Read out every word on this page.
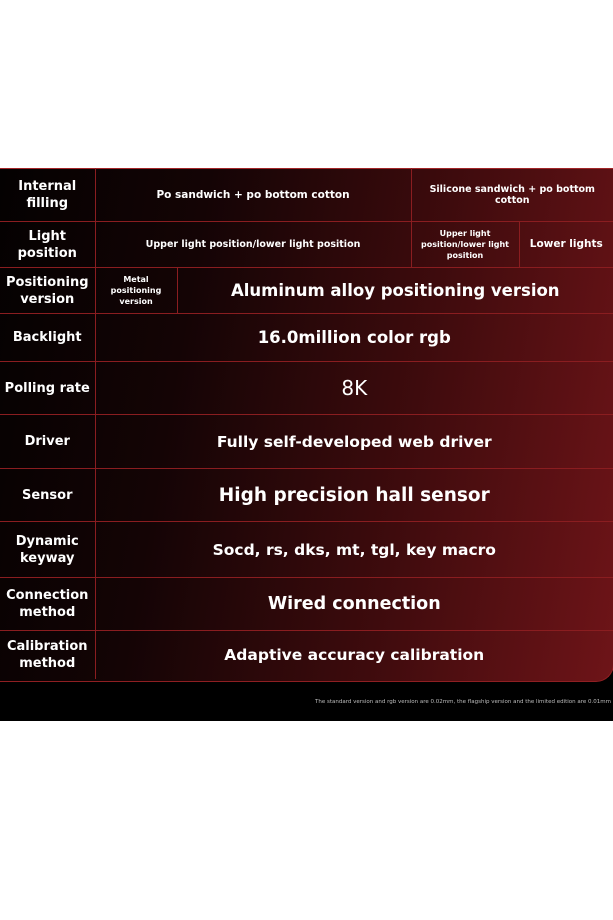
Internal filling	Po sandwich + po bottom cotton		Silicone sandwich + po bottom cotton	
Light position	Upper light position/lower light position		Upper light position/lower light position	Lower lights
Positioning version	Metal positioning version	Aluminum alloy positioning version		
Backlight	16.0million color rgb			
Polling rate	8K			
Driver	Fully self-developed web driver			
Sensor	High precision hall sensor			
Dynamic keyway	Socd, rs, dks, mt, tgl, key macro			
Connection method	Wired connection			
Calibration method	Adaptive accuracy calibration			
The standard version and rgb version are 0.02mm, the flagship version and the limited edition are 0.01mm
